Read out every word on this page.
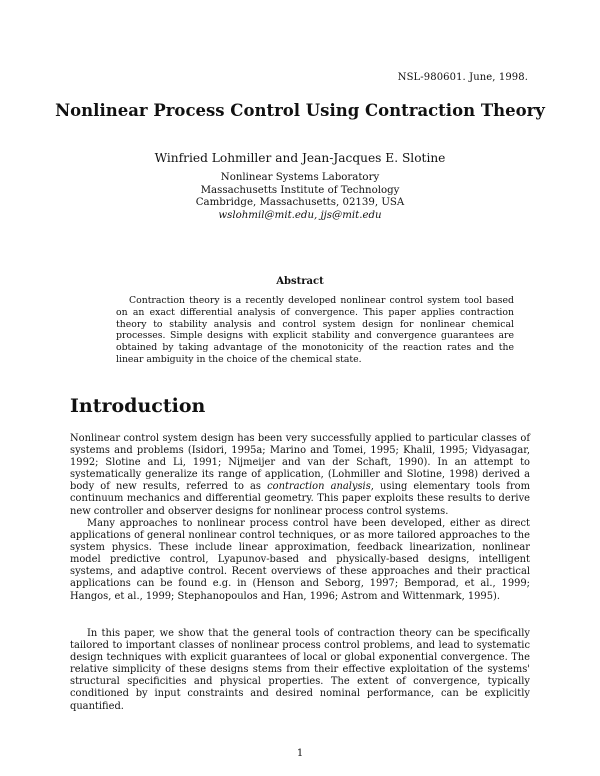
NSL-980601. June, 1998.
Nonlinear Process Control Using Contraction Theory
Winfried Lohmiller and Jean-Jacques E. Slotine
Nonlinear Systems Laboratory
Massachusetts Institute of Technology
Cambridge, Massachusetts, 02139, USA
wslohmil@mit.edu, jjs@mit.edu
Abstract

Contraction theory is a recently developed nonlinear control system tool based on an exact differential analysis of convergence. This paper applies contraction theory to stability analysis and control system design for nonlinear chemical processes. Simple designs with explicit stability and convergence guarantees are obtained by taking advantage of the monotonicity of the reaction rates and the linear ambiguity in the choice of the chemical state.

Introduction

Nonlinear control system design has been very successfully applied to particular classes of systems and problems (Isidori, 1995a; Marino and Tomei, 1995; Khalil, 1995; Vidyasagar, 1992; Slotine and Li, 1991; Nijmeijer and van der Schaft, 1990). In an attempt to systematically generalize its range of application, (Lohmiller and Slotine, 1998) derived a body of new results, referred to as contraction analysis, using elementary tools from continuum mechanics and differential geometry. This paper exploits these results to derive new controller and observer designs for nonlinear process control systems.

Many approaches to nonlinear process control have been developed, either as direct applications of general nonlinear control techniques, or as more tailored approaches to the system physics. These include linear approximation, feedback linearization, nonlinear model predictive control, Lyapunov-based and physically-based designs, intelligent systems, and adaptive control. Recent overviews of these approaches and their practical applications can be found e.g. in (Henson and Seborg, 1997; Bemporad, et al., 1999; Hangos, et al., 1999; Stephanopoulos and Han, 1996; Astrom and Wittenmark, 1995).

In this paper, we show that the general tools of contraction theory can be specifically tailored to important classes of nonlinear process control problems, and lead to systematic design techniques with explicit guarantees of local or global exponential convergence. The relative simplicity of these designs stems from their effective exploitation of the systems' structural specificities and physical properties. The extent of convergence, typically conditioned by input constraints and desired nominal performance, can be explicitly quantified.

1
